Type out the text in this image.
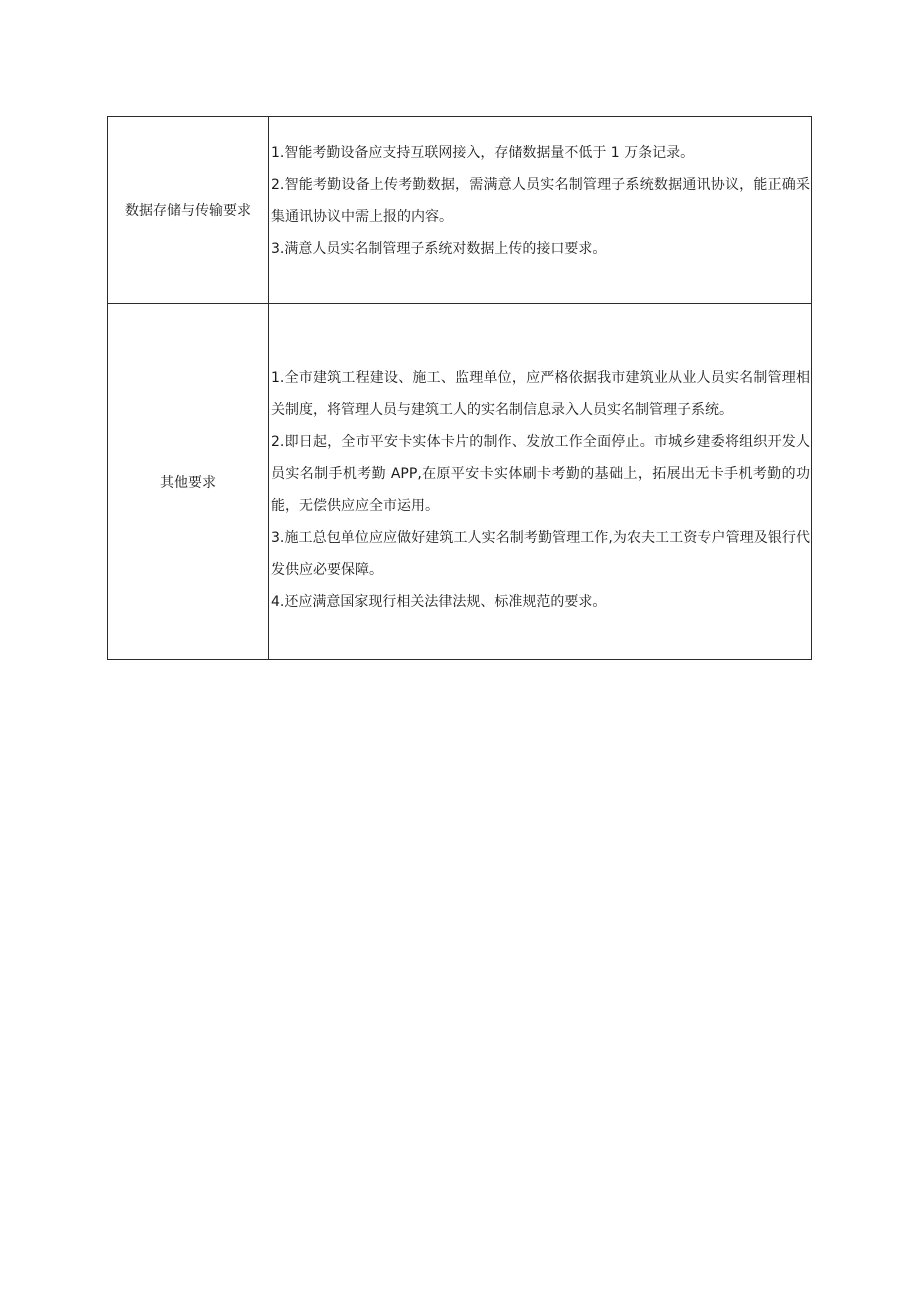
数据存储与传输要求	1.智能考勤设备应支持互联网接入，存储数据量不低于 1 万条记录。

2.智能考勤设备上传考勤数据，需满意人员实名制管理子系统数据通讯协议，能正确采集通讯协议中需上报的内容。

3.满意人员实名制管理子系统对数据上传的接口要求。

其他要求	1.全市建筑工程建设、施工、监理单位，应严格依据我市建筑业从业人员实名制管理相关制度，将管理人员与建筑工人的实名制信息录入人员实名制管理子系统。

2.即日起，全市平安卡实体卡片的制作、发放工作全面停止。市城乡建委将组织开发人员实名制手机考勤 APP,在原平安卡实体刷卡考勤的基础上，拓展出无卡手机考勤的功能，无偿供应应全市运用。

3.施工总包单位应应做好建筑工人实名制考勤管理工作,为农夫工工资专户管理及银行代发供应必要保障。

4.还应满意国家现行相关法律法规、标准规范的要求。
